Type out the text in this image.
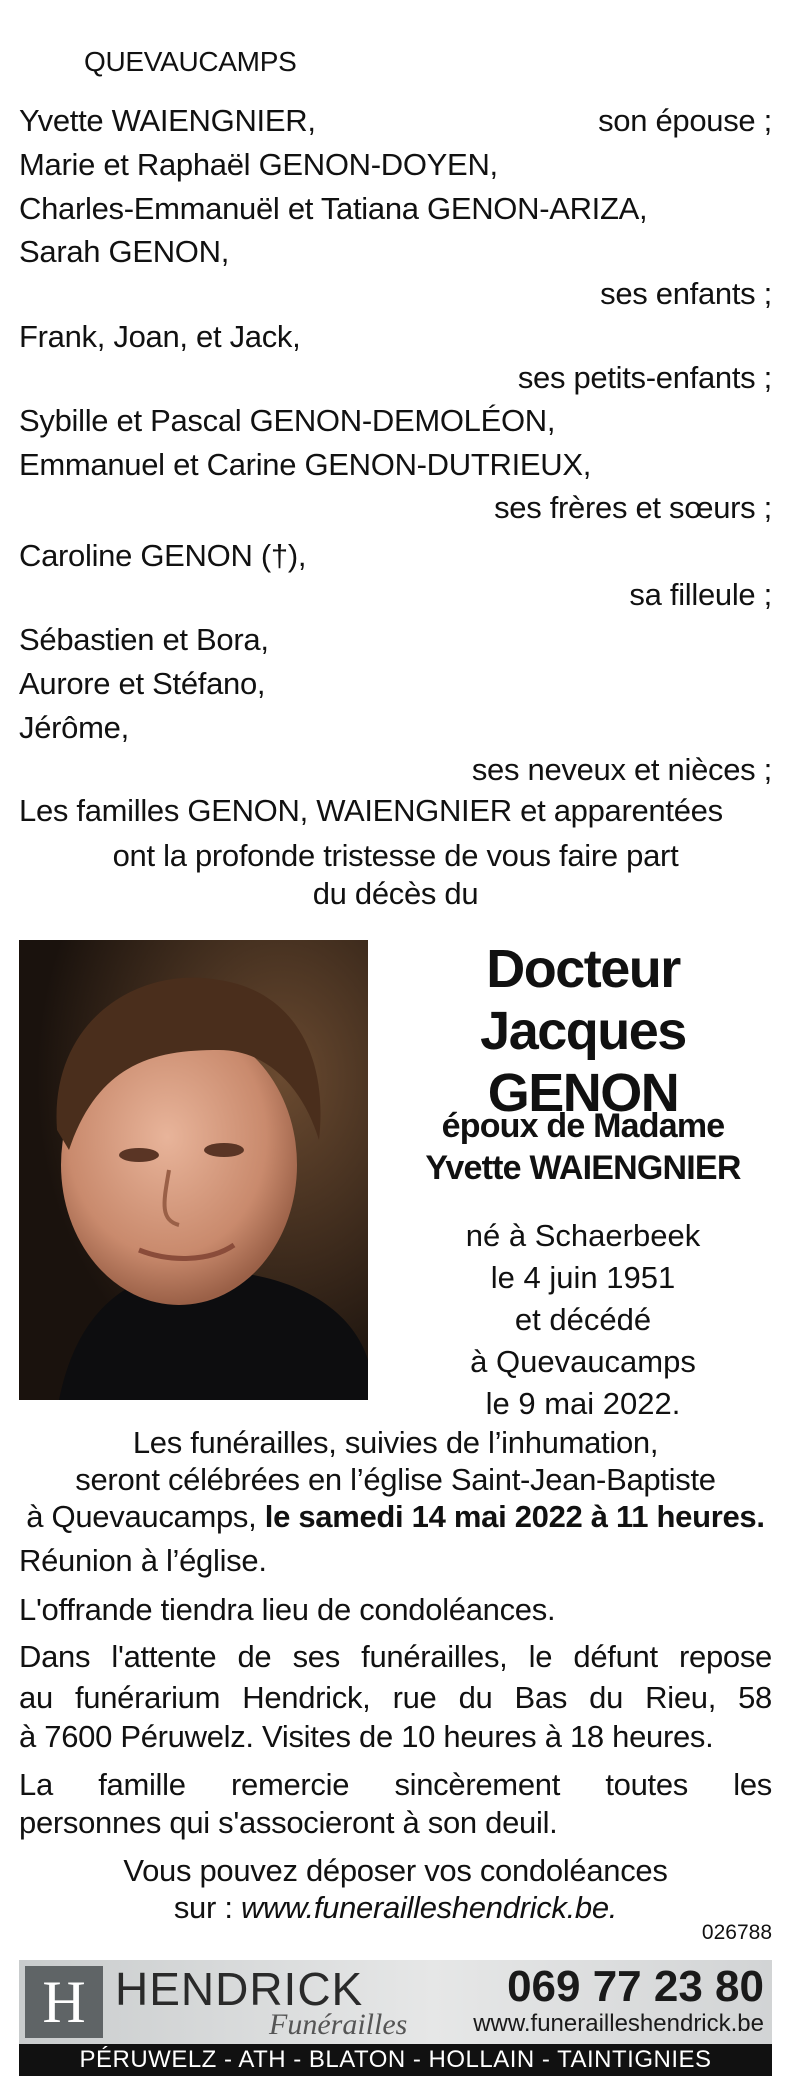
QUEVAUCAMPS
Yvette WAIENGNIER,	son épouse ;
Marie et Raphaël GENON-DOYEN,
Charles-Emmanuël et Tatiana GENON-ARIZA,
Sarah GENON,
ses enfants ;
Frank, Joan, et Jack,
ses petits-enfants ;
Sybille et Pascal GENON-DEMOLÉON,
Emmanuel et Carine GENON-DUTRIEUX,
ses frères et sœurs ;
Caroline GENON (†),
sa filleule ;
Sébastien et Bora,
Aurore et Stéfano,
Jérôme,
ses neveux et nièces ;
Les familles GENON, WAIENGNIER et apparentées
ont la profonde tristesse de vous faire part
du décès du
Docteur
Jacques GENON
époux de Madame
Yvette WAIENGNIER
né à Schaerbeek
le 4 juin 1951
et décédé
à Quevaucamps
le 9 mai 2022.
Les funérailles, suivies de l’inhumation,
seront célébrées en l’église Saint-Jean-Baptiste
à Quevaucamps, le samedi 14 mai 2022 à 11 heures.
Réunion à l’église.
L'offrande tiendra lieu de condoléances.
Dans l'attente de ses funérailles, le défunt repose
au funérarium Hendrick, rue du Bas du Rieu, 58
à 7600 Péruwelz. Visites de 10 heures à 18 heures.
La famille remercie sincèrement toutes les
personnes qui s'associeront à son deuil.
Vous pouvez déposer vos condoléances
sur : www.funerailleshendrick.be.
026788
H HENDRICK
Funérailles
069 77 23 80
www.funerailleshendrick.be
PÉRUWELZ - ATH - BLATON - HOLLAIN - TAINTIGNIES
